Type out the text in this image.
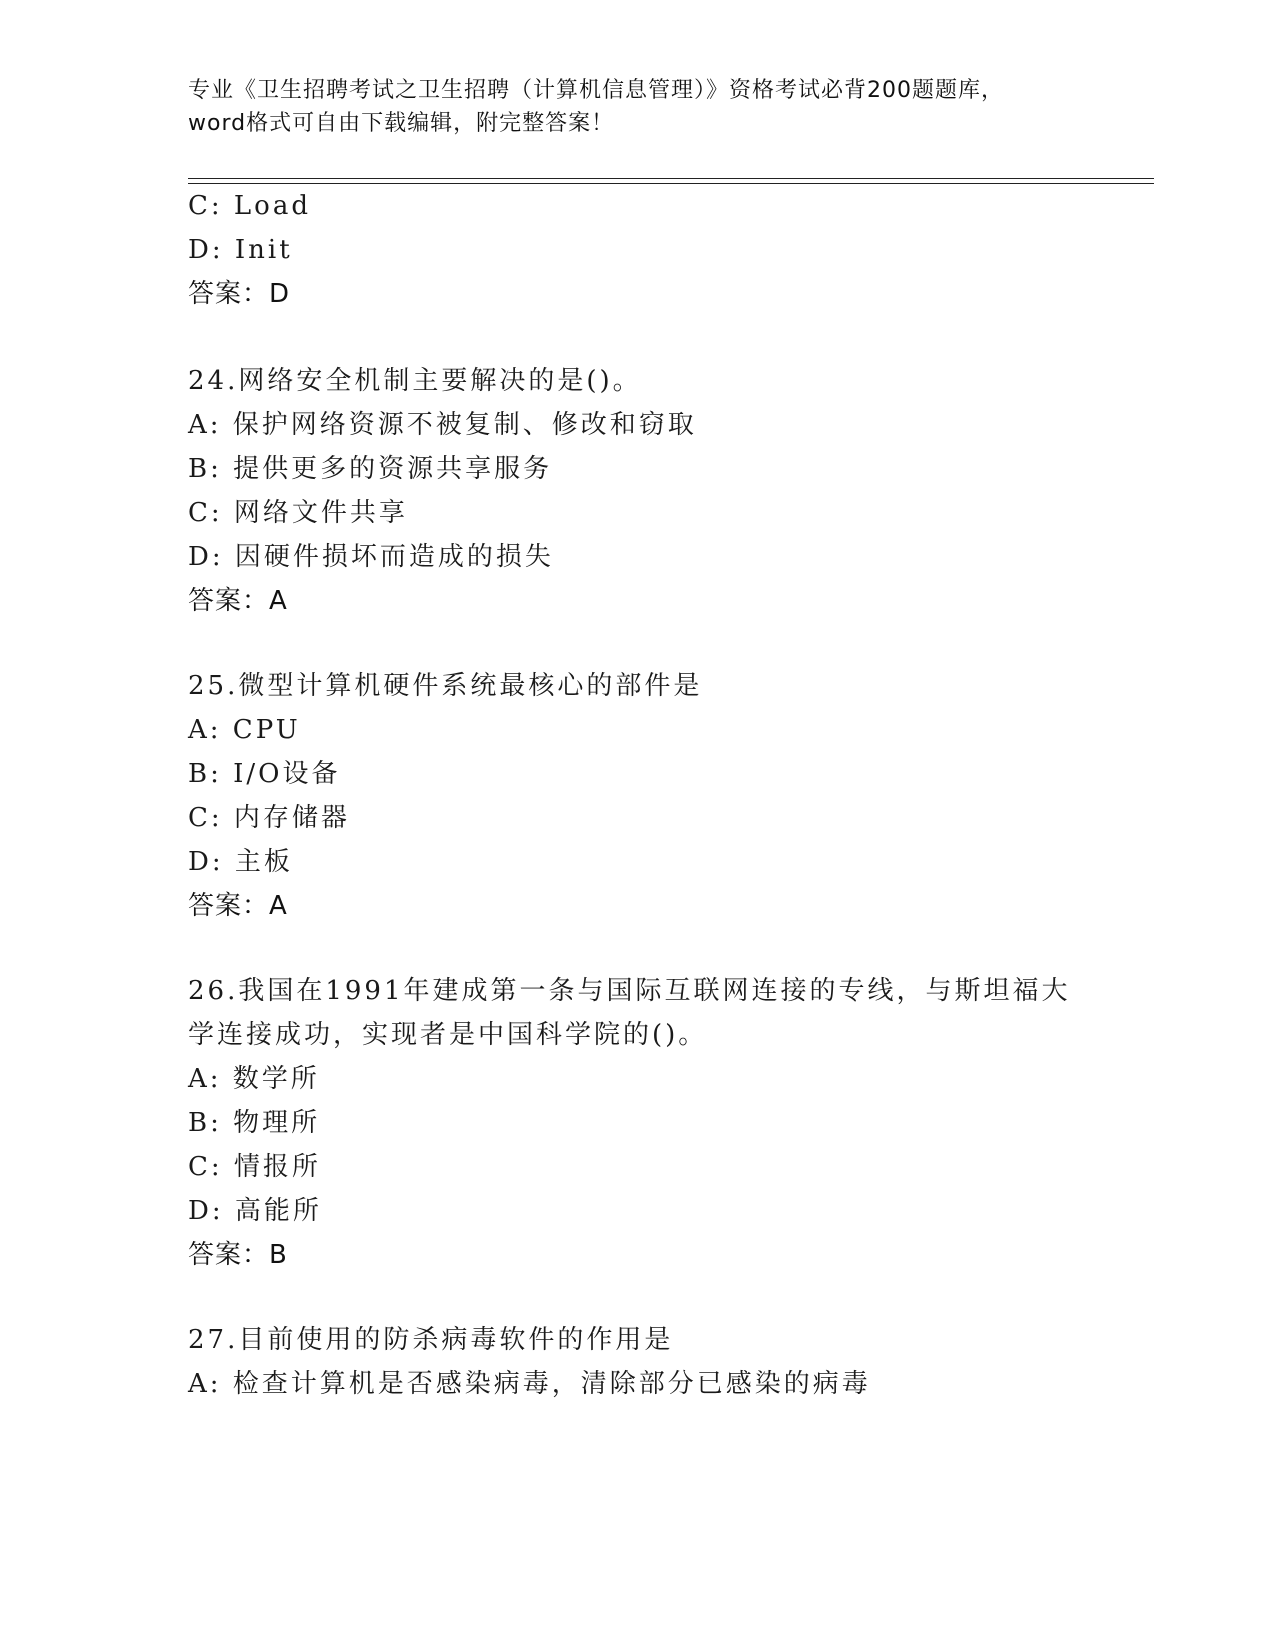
专业《卫生招聘考试之卫生招聘（计算机信息管理）》资格考试必背200题题库，
word格式可自由下载编辑，附完整答案！
C: Load
D: Init
答案：D
24.网络安全机制主要解决的是()。
A: 保护网络资源不被复制、修改和窃取
B: 提供更多的资源共享服务
C: 网络文件共享
D: 因硬件损坏而造成的损失
答案：A
25.微型计算机硬件系统最核心的部件是
A: CPU
B: I/O设备
C: 内存储器
D: 主板
答案：A
26.我国在1991年建成第一条与国际互联网连接的专线，与斯坦福大
学连接成功，实现者是中国科学院的()。
A: 数学所
B: 物理所
C: 情报所
D: 高能所
答案：B
27.目前使用的防杀病毒软件的作用是
A: 检查计算机是否感染病毒，清除部分已感染的病毒
